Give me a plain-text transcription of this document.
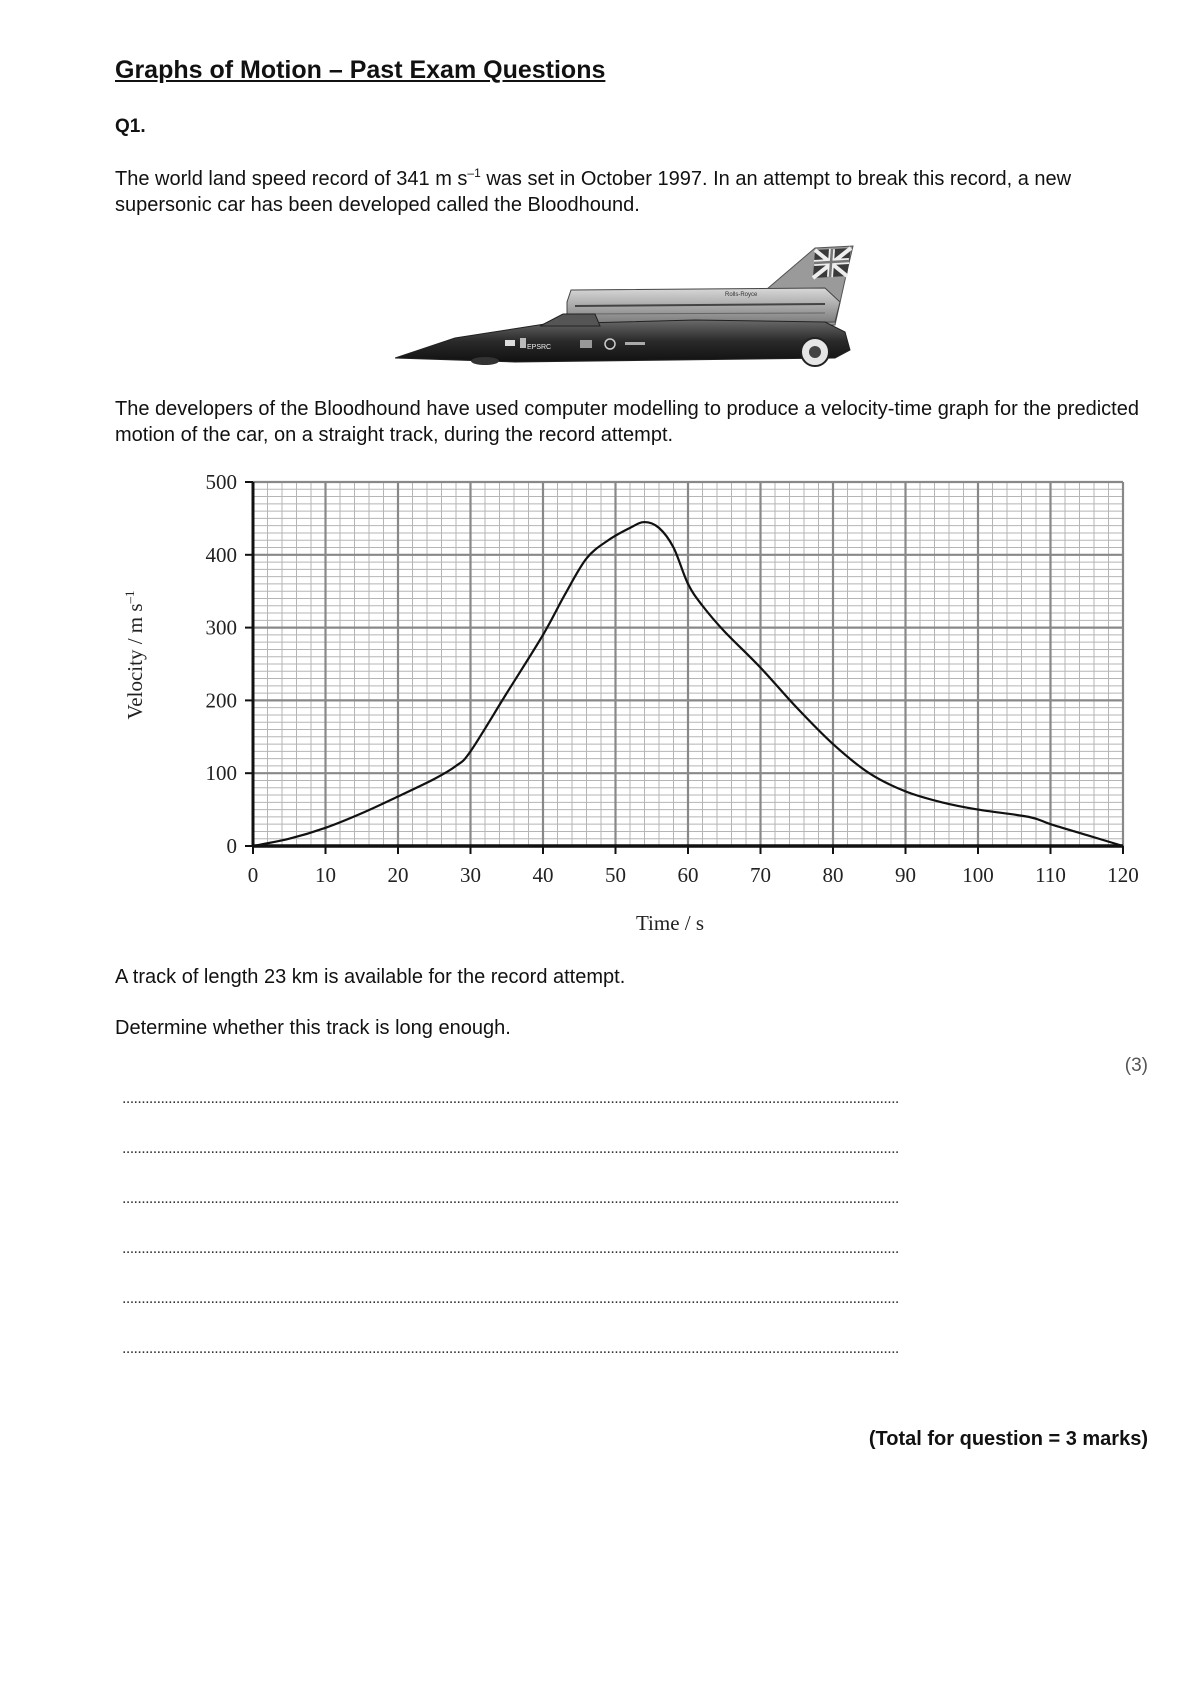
Graphs of Motion – Past Exam Questions
Q1.
The world land speed record of 341 m $s^{-1}$ was set in October 1997. In an attempt to break this record, a new supersonic car has been developed called the Bloodhound.
EPSRC
Rolls-Royce
The developers of the Bloodhound have used computer modelling to produce a velocity-time graph for the predicted motion of the car, on a straight track, during the record attempt.
0
100
200
300
400
500
0	10 20 30 40 50 60 70 80 90 100 110 120
Time / s
Velocity / m $s^{-1}$
A track of length 23 km is available for the record attempt.
Determine whether this track is long enough.
(3)
..........................................................................................................................................................................................................
..........................................................................................................................................................................................................
..........................................................................................................................................................................................................
..........................................................................................................................................................................................................
..........................................................................................................................................................................................................
..........................................................................................................................................................................................................
(Total for question = 3 marks)
